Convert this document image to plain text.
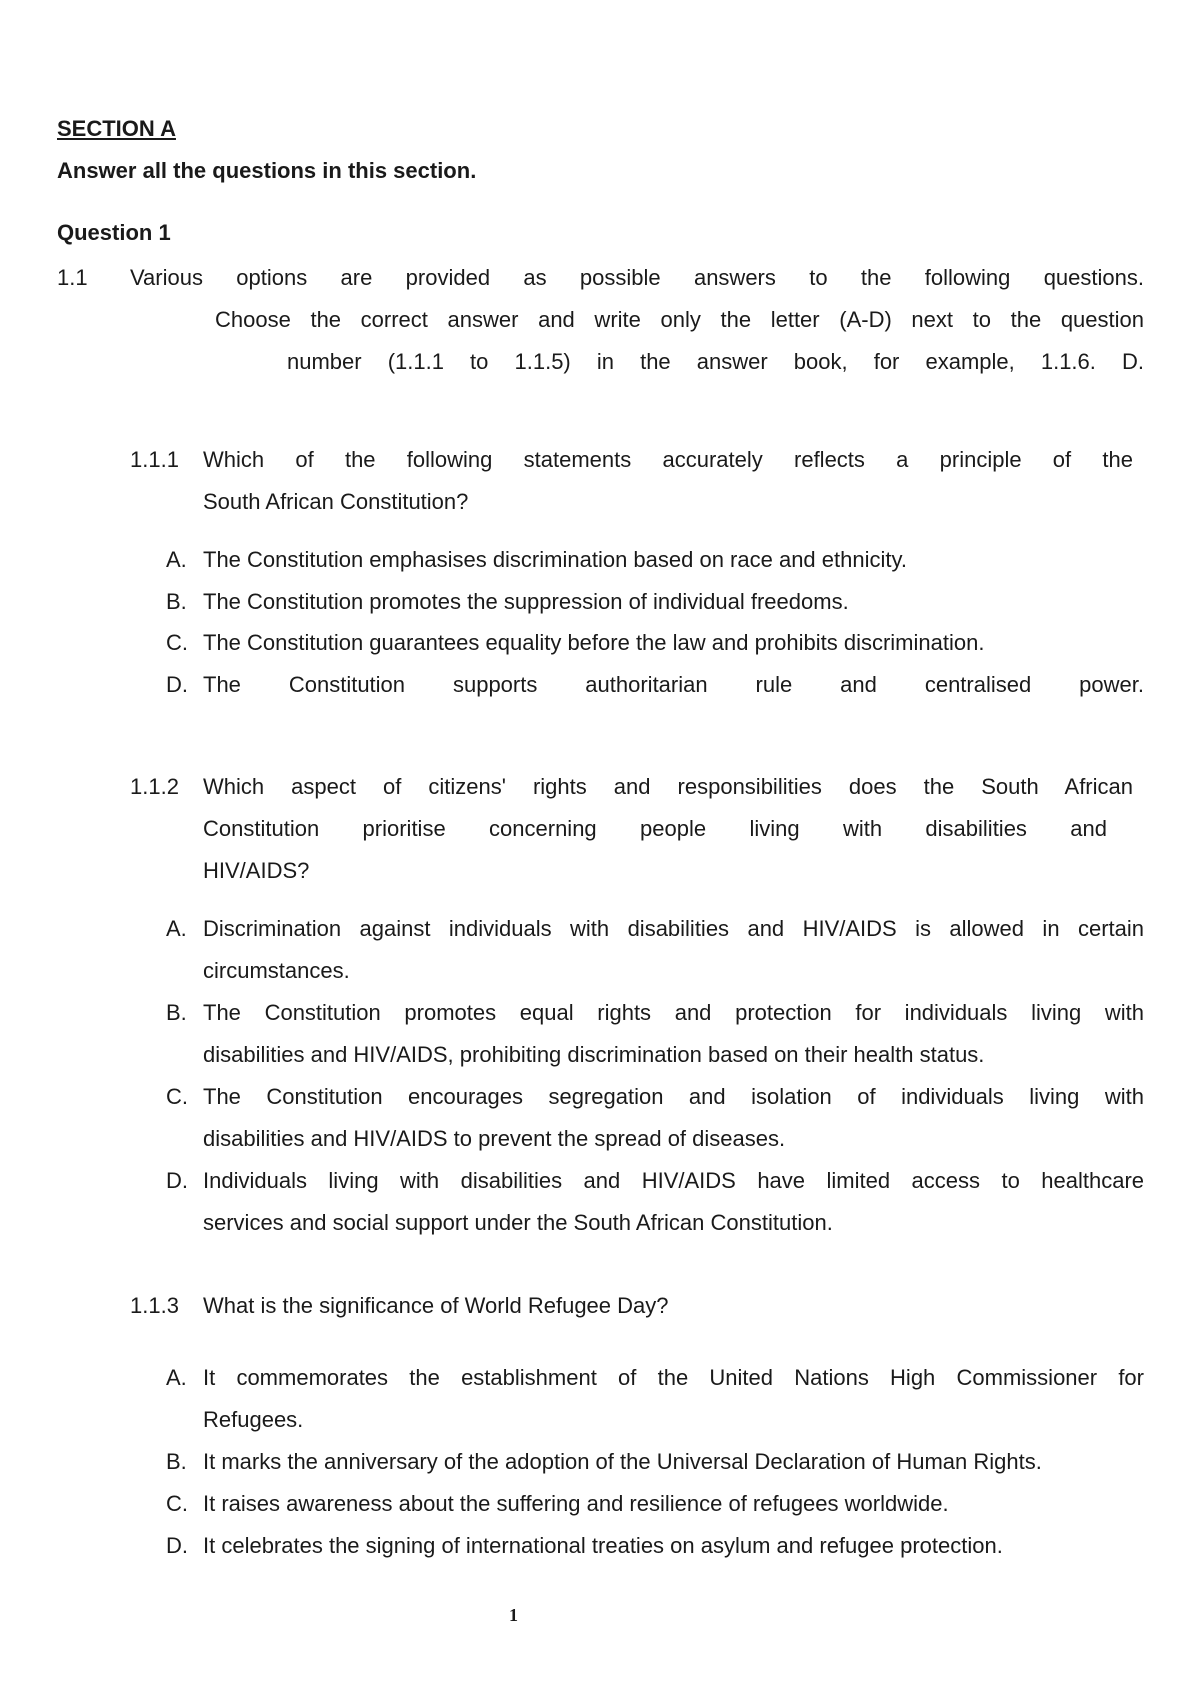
SECTION A
Answer all the questions in this section.
Question 1
1.1 Various options are provided as possible answers to the following questions.
Choose the correct answer and write only the letter (A-D) next to the question
number (1.1.1 to 1.1.5) in the answer book, for example, 1.1.6. D.
1.1.1 Which of the following statements accurately reflects a principle of the
South African Constitution?
A. The Constitution emphasises discrimination based on race and ethnicity.
B. The Constitution promotes the suppression of individual freedoms.
C. The Constitution guarantees equality before the law and prohibits discrimination.
D. The Constitution supports authoritarian rule and centralised power.
1.1.2 Which aspect of citizens' rights and responsibilities does the South African
Constitution prioritise concerning people living with disabilities and
HIV/AIDS?
A. Discrimination against individuals with disabilities and HIV/AIDS is allowed in certain
circumstances.
B. The Constitution promotes equal rights and protection for individuals living with
disabilities and HIV/AIDS, prohibiting discrimination based on their health status.
C. The Constitution encourages segregation and isolation of individuals living with
disabilities and HIV/AIDS to prevent the spread of diseases.
D. Individuals living with disabilities and HIV/AIDS have limited access to healthcare
services and social support under the South African Constitution.
1.1.3 What is the significance of World Refugee Day?
A. It commemorates the establishment of the United Nations High Commissioner for
Refugees.
B. It marks the anniversary of the adoption of the Universal Declaration of Human Rights.
C. It raises awareness about the suffering and resilience of refugees worldwide.
D. It celebrates the signing of international treaties on asylum and refugee protection.
1
